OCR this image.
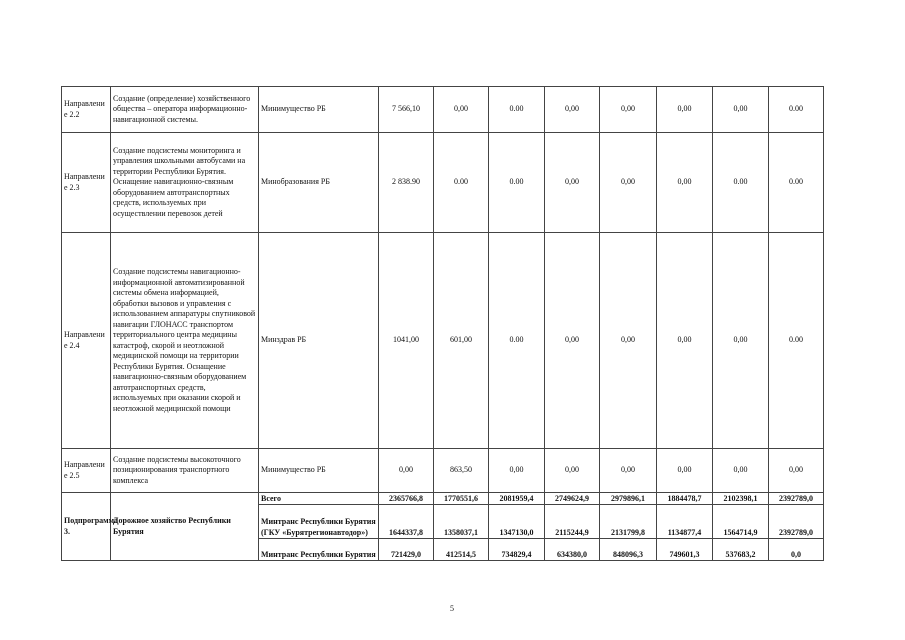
Направление 2.2	Создание (определение) хозяйственного общества – оператора информационно-навигационной системы.	Минимущество РБ	7 566,10	0,00	0.00	0,00	0,00	0,00	0,00	0.00
Направление 2.3	Создание подсистемы мониторинга и управления школьными автобусами на территории Республики Бурятия. Оснащение навигационно-связным оборудованием автотранспортных средств, используемых при осуществлении перевозок детей	Минобразования РБ	2 838.90	0.00	0.00	0,00	0,00	0,00	0.00	0.00
Направление 2.4	Создание подсистемы навигационно-информационной автоматизированной системы обмена информацией, обработки вызовов и управления с использованием аппаратуры спутниковой навигации ГЛОНАСС транспортом территориального центра медицины катастроф, скорой и неотложной медицинской помощи на территории Республики Бурятия. Оснащение навигационно-связным оборудованием автотранспортных средств, используемых при оказании скорой и неотложной медицинской помощи	Минздрав РБ	1041,00	601,00	0.00	0,00	0,00	0,00	0,00	0.00
Направление 2.5	Создание подсистемы высокоточного позиционирования транспортного комплекса	Минимущество РБ	0,00	863,50	0,00	0,00	0,00	0,00	0,00	0,00
Подпрограмма 3.	Дорожное хозяйство Республики Бурятия	Всего	2365766,8	1770551,6	2081959,4	2749624,9	2979896,1	1884478,7	2102398,1	2392789,0
		Минтранс Республики Бурятия (ГКУ «Бурятрегионавтодор»)	1644337,8	1358037,1	1347130,0	2115244,9	2131799,8	1134877,4	1564714,9	2392789,0
		Минтранс Республики Бурятия	721429,0	412514,5	734829,4	634380,0	848096,3	749601,3	537683,2	0,0
5
